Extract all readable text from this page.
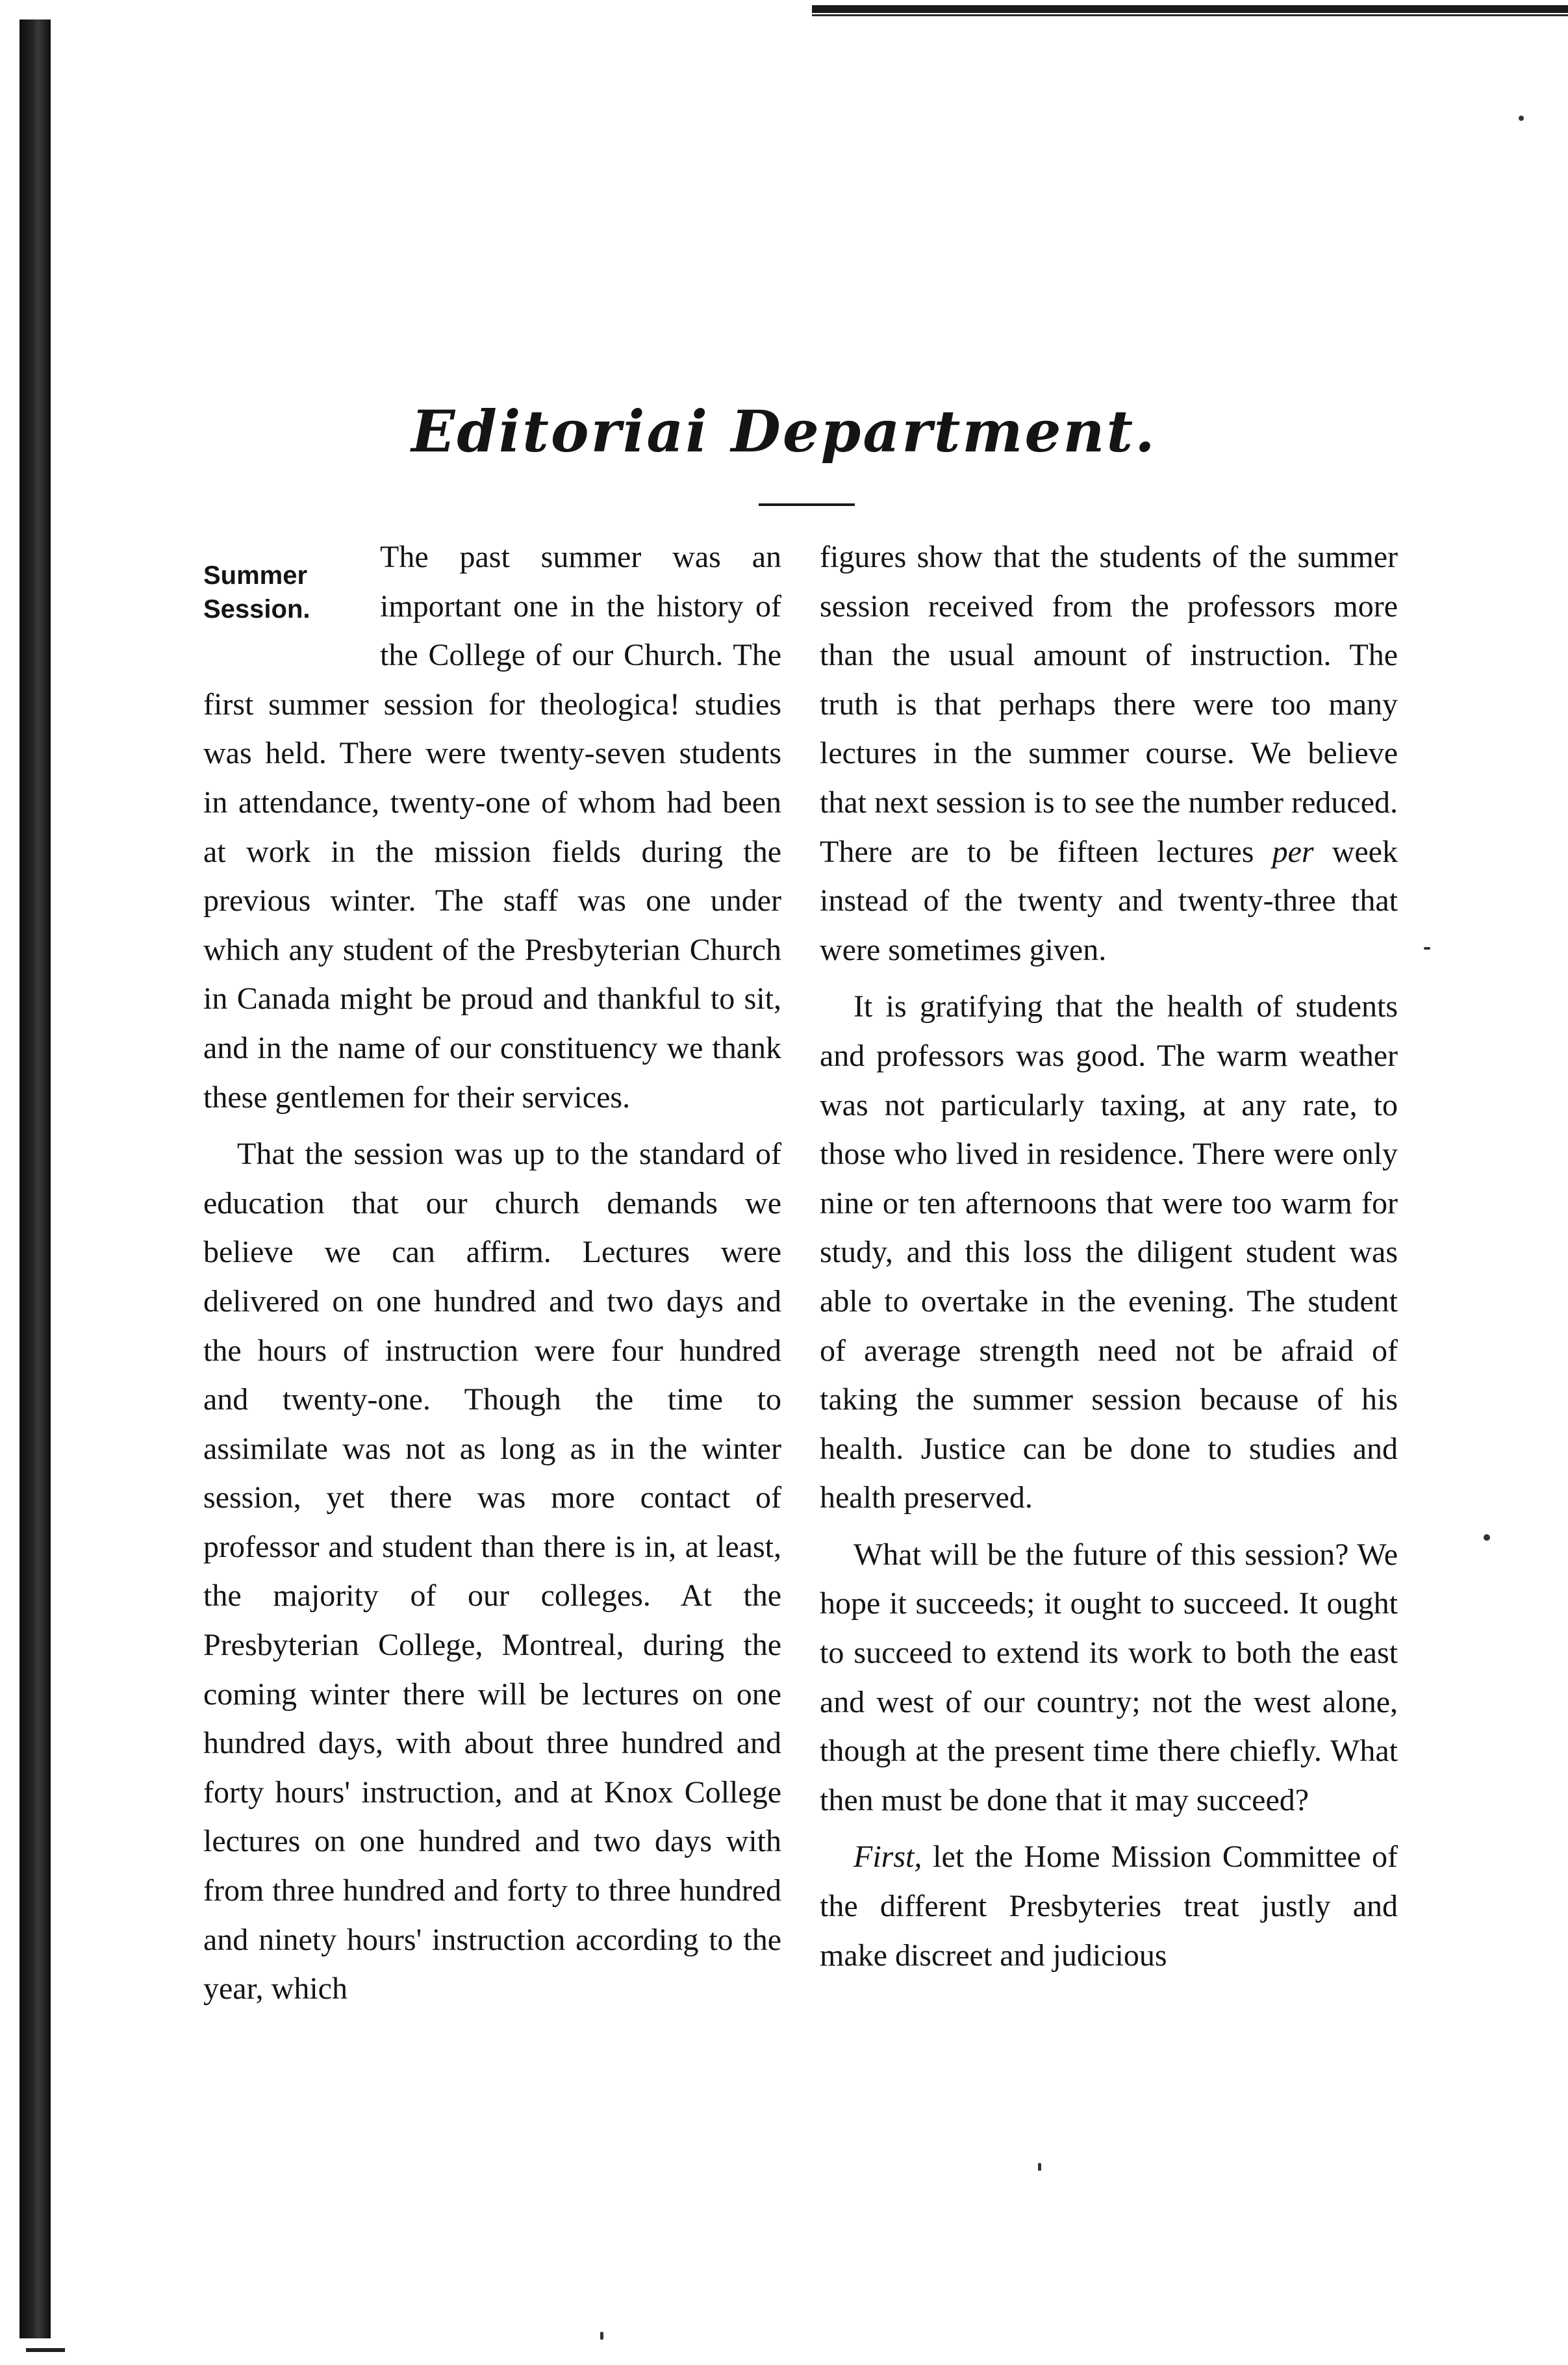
Editoriai Department.
Summer
Session.

The past summer was an important one in the history of the College of our Church. The first summer session for theologica! studies was held. There were twenty-seven students in attendance, twenty-one of whom had been at work in the mission fields during the previous winter. The staff was one under which any student of the Presbyterian Church in Canada might be proud and thankful to sit, and in the name of our constituency we thank these gentlemen for their services.

That the session was up to the standard of education that our church demands we believe we can affirm. Lectures were delivered on one hundred and two days and the hours of instruction were four hundred and twenty-one. Though the time to assimilate was not as long as in the winter session, yet there was more contact of professor and student than there is in, at least, the majority of our colleges. At the Presbyterian College, Montreal, during the coming winter there will be lectures on one hundred days, with about three hundred and forty hours' instruction, and at Knox College lectures on one hundred and two days with from three hundred and forty to three hundred and ninety hours' instruction according to the year, which

figures show that the students of the summer session received from the professors more than the usual amount of instruction. The truth is that perhaps there were too many lectures in the summer course. We believe that next session is to see the number reduced. There are to be fifteen lectures per week instead of the twenty and twenty-three that were sometimes given.

It is gratifying that the health of students and professors was good. The warm weather was not particularly taxing, at any rate, to those who lived in residence. There were only nine or ten afternoons that were too warm for study, and this loss the diligent student was able to overtake in the evening. The student of average strength need not be afraid of taking the summer session because of his health. Justice can be done to studies and health preserved.

What will be the future of this session? We hope it succeeds; it ought to succeed. It ought to succeed to extend its work to both the east and west of our country; not the west alone, though at the present time there chiefly. What then must be done that it may succeed?

First, let the Home Mission Committee of the different Presbyteries treat justly and make discreet and judicious
